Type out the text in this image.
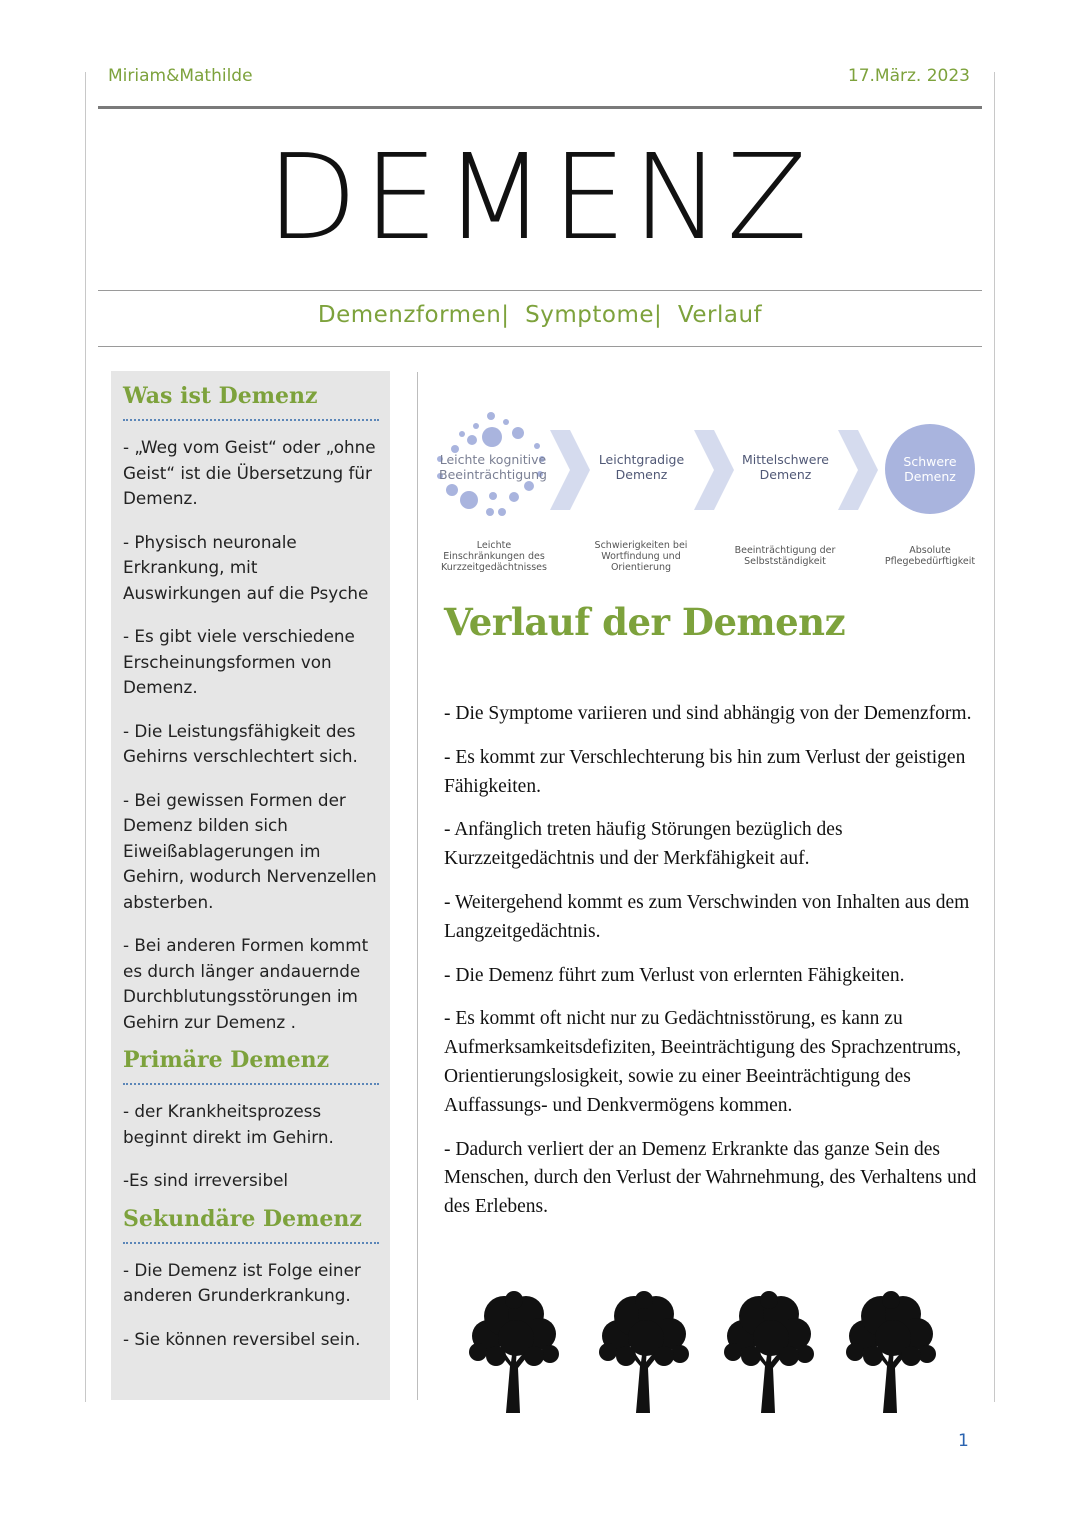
Miriam&Mathilde	17.März. 2023
DEMENZ
Demenzformen| Symptome| Verlauf
Was ist Demenz

- „Weg vom Geist“ oder „ohne Geist“ ist die Übersetzung für Demenz.

- Physisch neuronale Erkrankung, mit Auswirkungen auf die Psyche

- Es gibt viele verschiedene Erscheinungsformen von Demenz.

- Die Leistungsfähigkeit des Gehirns verschlechtert sich.

- Bei gewissen Formen der Demenz bilden sich Eiweißablagerungen im Gehirn, wodurch Nervenzellen absterben.

- Bei anderen Formen kommt es durch länger andauernde Durchblutungsstörungen im Gehirn zur Demenz .

Primäre Demenz

- der Krankheitsprozess beginnt direkt im Gehirn.

-Es sind irreversibel

Sekundäre Demenz

- Die Demenz ist Folge einer anderen Grunderkrankung.

- Sie können reversibel sein.

Leichte kognitive
Beeinträchtigung
Leichtgradige
Demenz
Mittelschwere
Demenz
Schwere
Demenz
Leichte
Einschränkungen des
Kurzzeitgedächtnisses
Schwierigkeiten bei
Wortfindung und
Orientierung
Beeinträchtigung der
Selbstständigkeit
Absolute
Pflegebedürftigkeit
Verlauf der Demenz

- Die Symptome variieren und sind abhängig von der Demenzform.

- Es kommt zur Verschlechterung bis hin zum Verlust der geistigen Fähigkeiten.

- Anfänglich treten häufig Störungen bezüglich des Kurzzeitgedächtnis und der Merkfähigkeit auf.

- Weitergehend kommt es zum Verschwinden von Inhalten aus dem Langzeitgedächtnis.

- Die Demenz führt zum Verlust von erlernten Fähigkeiten.

- Es kommt oft nicht nur zu Gedächtnisstörung, es kann zu Aufmerksamkeitsdefiziten, Beeinträchtigung des Sprachzentrums, Orientierungslosigkeit, sowie zu einer Beeinträchtigung des Auffassungs- und Denkvermögens kommen.

- Dadurch verliert der an Demenz Erkrankte das ganze Sein des Menschen, durch den Verlust der Wahrnehmung, des Verhaltens und des Erlebens.

1
